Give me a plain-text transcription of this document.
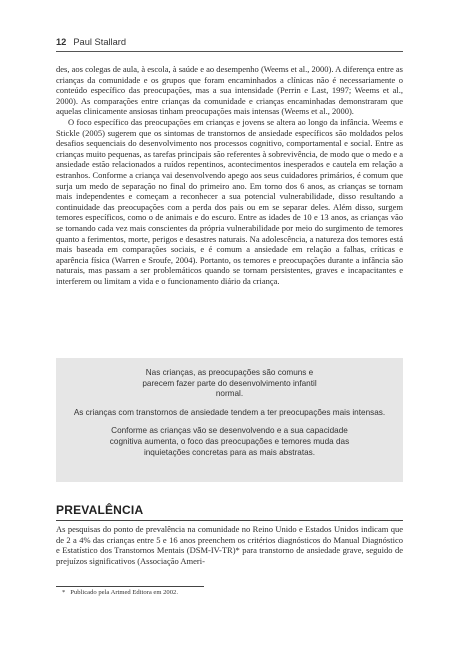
12 Paul Stallard

des, aos colegas de aula, à escola, à saúde e ao desempenho (Weems et al., 2000). A diferença entre as crianças da comunidade e os grupos que foram encaminhados a clínicas não é necessariamente o conteúdo específico das preocupações, mas a sua intensidade (Perrin e Last, 1997; Weems et al., 2000). As comparações entre crianças da comunidade e crianças encaminhadas demonstraram que aquelas clinicamente ansiosas tinham preocupações mais intensas (Weems et al., 2000).

O foco específico das preocupações em crianças e jovens se altera ao longo da infância. Weems e Stickle (2005) sugerem que os sintomas de transtornos de ansiedade específicos são moldados pelos desafios sequenciais do desenvolvimento nos processos cognitivo, comportamental e social. Entre as crianças muito pequenas, as tarefas principais são referentes à sobrevivência, de modo que o medo e a ansiedade estão relacionados a ruídos repentinos, acontecimentos inesperados e cautela em relação a estranhos. Conforme a criança vai desenvolvendo apego aos seus cuidadores primários, é comum que surja um medo de separação no final do primeiro ano. Em torno dos 6 anos, as crianças se tornam mais independentes e começam a reconhecer a sua potencial vulnerabilidade, disso resultando a continuidade das preocupações com a perda dos pais ou em se separar deles. Além disso, surgem temores específicos, como o de animais e do escuro. Entre as idades de 10 e 13 anos, as crianças vão se tornando cada vez mais conscientes da própria vulnerabilidade por meio do surgimento de temores quanto a ferimentos, morte, perigos e desastres naturais. Na adolescência, a natureza dos temores está mais baseada em comparações sociais, e é comum a ansiedade em relação a falhas, críticas e aparência física (Warren e Sroufe, 2004). Portanto, os temores e preocupações durante a infância são naturais, mas passam a ser problemáticos quando se tornam persistentes, graves e incapacitantes e interferem ou limitam a vida e o funcionamento diário da criança.

Nas crianças, as preocupações são comuns e parecem fazer parte do desenvolvimento infantil normal.

As crianças com transtornos de ansiedade tendem a ter preocupações mais intensas.

Conforme as crianças vão se desenvolvendo e a sua capacidade cognitiva aumenta, o foco das preocupações e temores muda das inquietações concretas para as mais abstratas.

PREVALÊNCIA

As pesquisas do ponto de prevalência na comunidade no Reino Unido e Estados Unidos indicam que de 2 a 4% das crianças entre 5 e 16 anos preenchem os critérios diagnósticos do Manual Diagnóstico e Estatístico dos Transtornos Mentais (DSM-IV-TR)* para transtorno de ansiedade grave, seguido de prejuízos significativos (Associação Ameri-

* Publicado pela Artmed Editora em 2002.
